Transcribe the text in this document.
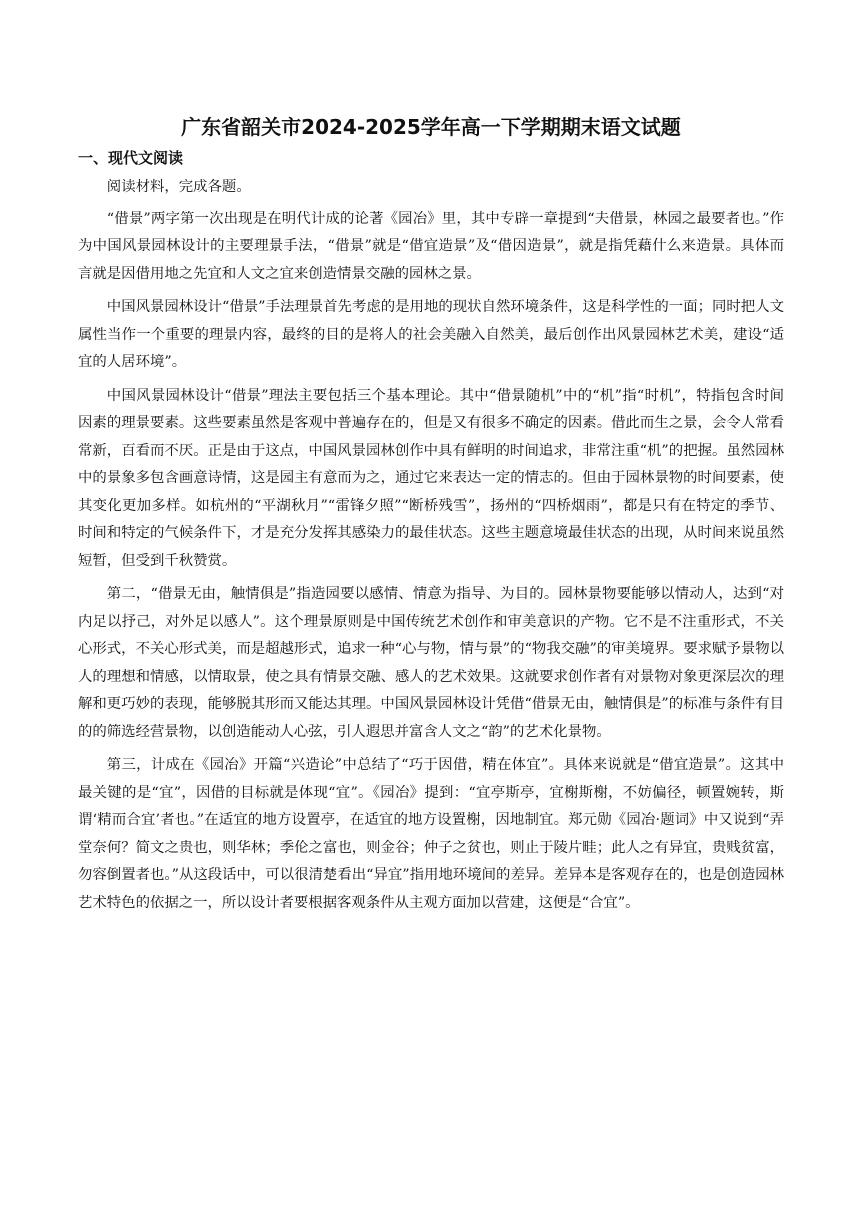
广东省韶关市2024-2025学年高一下学期期末语文试题
一、现代文阅读

阅读材料，完成各题。

“借景”两字第一次出现是在明代计成的论著《园冶》里，其中专辟一章提到“夫借景，林园之最要者也。”作为中国风景园林设计的主要理景手法，“借景”就是“借宜造景”及“借因造景”，就是指凭藉什么来造景。具体而言就是因借用地之先宜和人文之宜来创造情景交融的园林之景。

中国风景园林设计“借景”手法理景首先考虑的是用地的现状自然环境条件，这是科学性的一面；同时把人文属性当作一个重要的理景内容，最终的目的是将人的社会美融入自然美，最后创作出风景园林艺术美，建设“适宜的人居环境”。

中国风景园林设计“借景”理法主要包括三个基本理论。其中“借景随机”中的“机”指“时机”，特指包含时间因素的理景要素。这些要素虽然是客观中普遍存在的，但是又有很多不确定的因素。借此而生之景，会令人常看常新，百看而不厌。正是由于这点，中国风景园林创作中具有鲜明的时间追求，非常注重“机”的把握。虽然园林中的景象多包含画意诗情，这是园主有意而为之，通过它来表达一定的情志的。但由于园林景物的时间要素，使其变化更加多样。如杭州的“平湖秋月”“雷锋夕照”“断桥残雪”，扬州的“四桥烟雨”，都是只有在特定的季节、时间和特定的气候条件下，才是充分发挥其感染力的最佳状态。这些主题意境最佳状态的出现，从时间来说虽然短暂，但受到千秋赞赏。

第二，“借景无由，触情俱是”指造园要以感情、情意为指导、为目的。园林景物要能够以情动人，达到“对内足以抒己，对外足以感人”。这个理景原则是中国传统艺术创作和审美意识的产物。它不是不注重形式，不关心形式，不关心形式美，而是超越形式，追求一种“心与物，情与景”的“物我交融”的审美境界。要求赋予景物以人的理想和情感，以情取景，使之具有情景交融、感人的艺术效果。这就要求创作者有对景物对象更深层次的理解和更巧妙的表现，能够脱其形而又能达其理。中国风景园林设计凭借“借景无由，触情俱是”的标准与条件有目的的筛选经营景物，以创造能动人心弦，引人遐思并富含人文之“韵”的艺术化景物。

第三，计成在《园冶》开篇“兴造论”中总结了“巧于因借，精在体宜”。具体来说就是“借宜造景”。这其中最关键的是“宜”，因借的目标就是体现“宜”。《园冶》提到：“宜亭斯亭，宜榭斯榭，不妨偏径，顿置婉转，斯谓‘精而合宜’者也。”在适宜的地方设置亭，在适宜的地方设置榭，因地制宜。郑元勋《园冶·题词》中又说到“弄堂奈何？简文之贵也，则华林；季伦之富也，则金谷；仲子之贫也，则止于陵片畦；此人之有异宜，贵贱贫富，勿容倒置者也。”从这段话中，可以很清楚看出“异宜”指用地环境间的差异。差异本是客观存在的，也是创造园林艺术特色的依据之一，所以设计者要根据客观条件从主观方面加以营建，这便是“合宜”。
